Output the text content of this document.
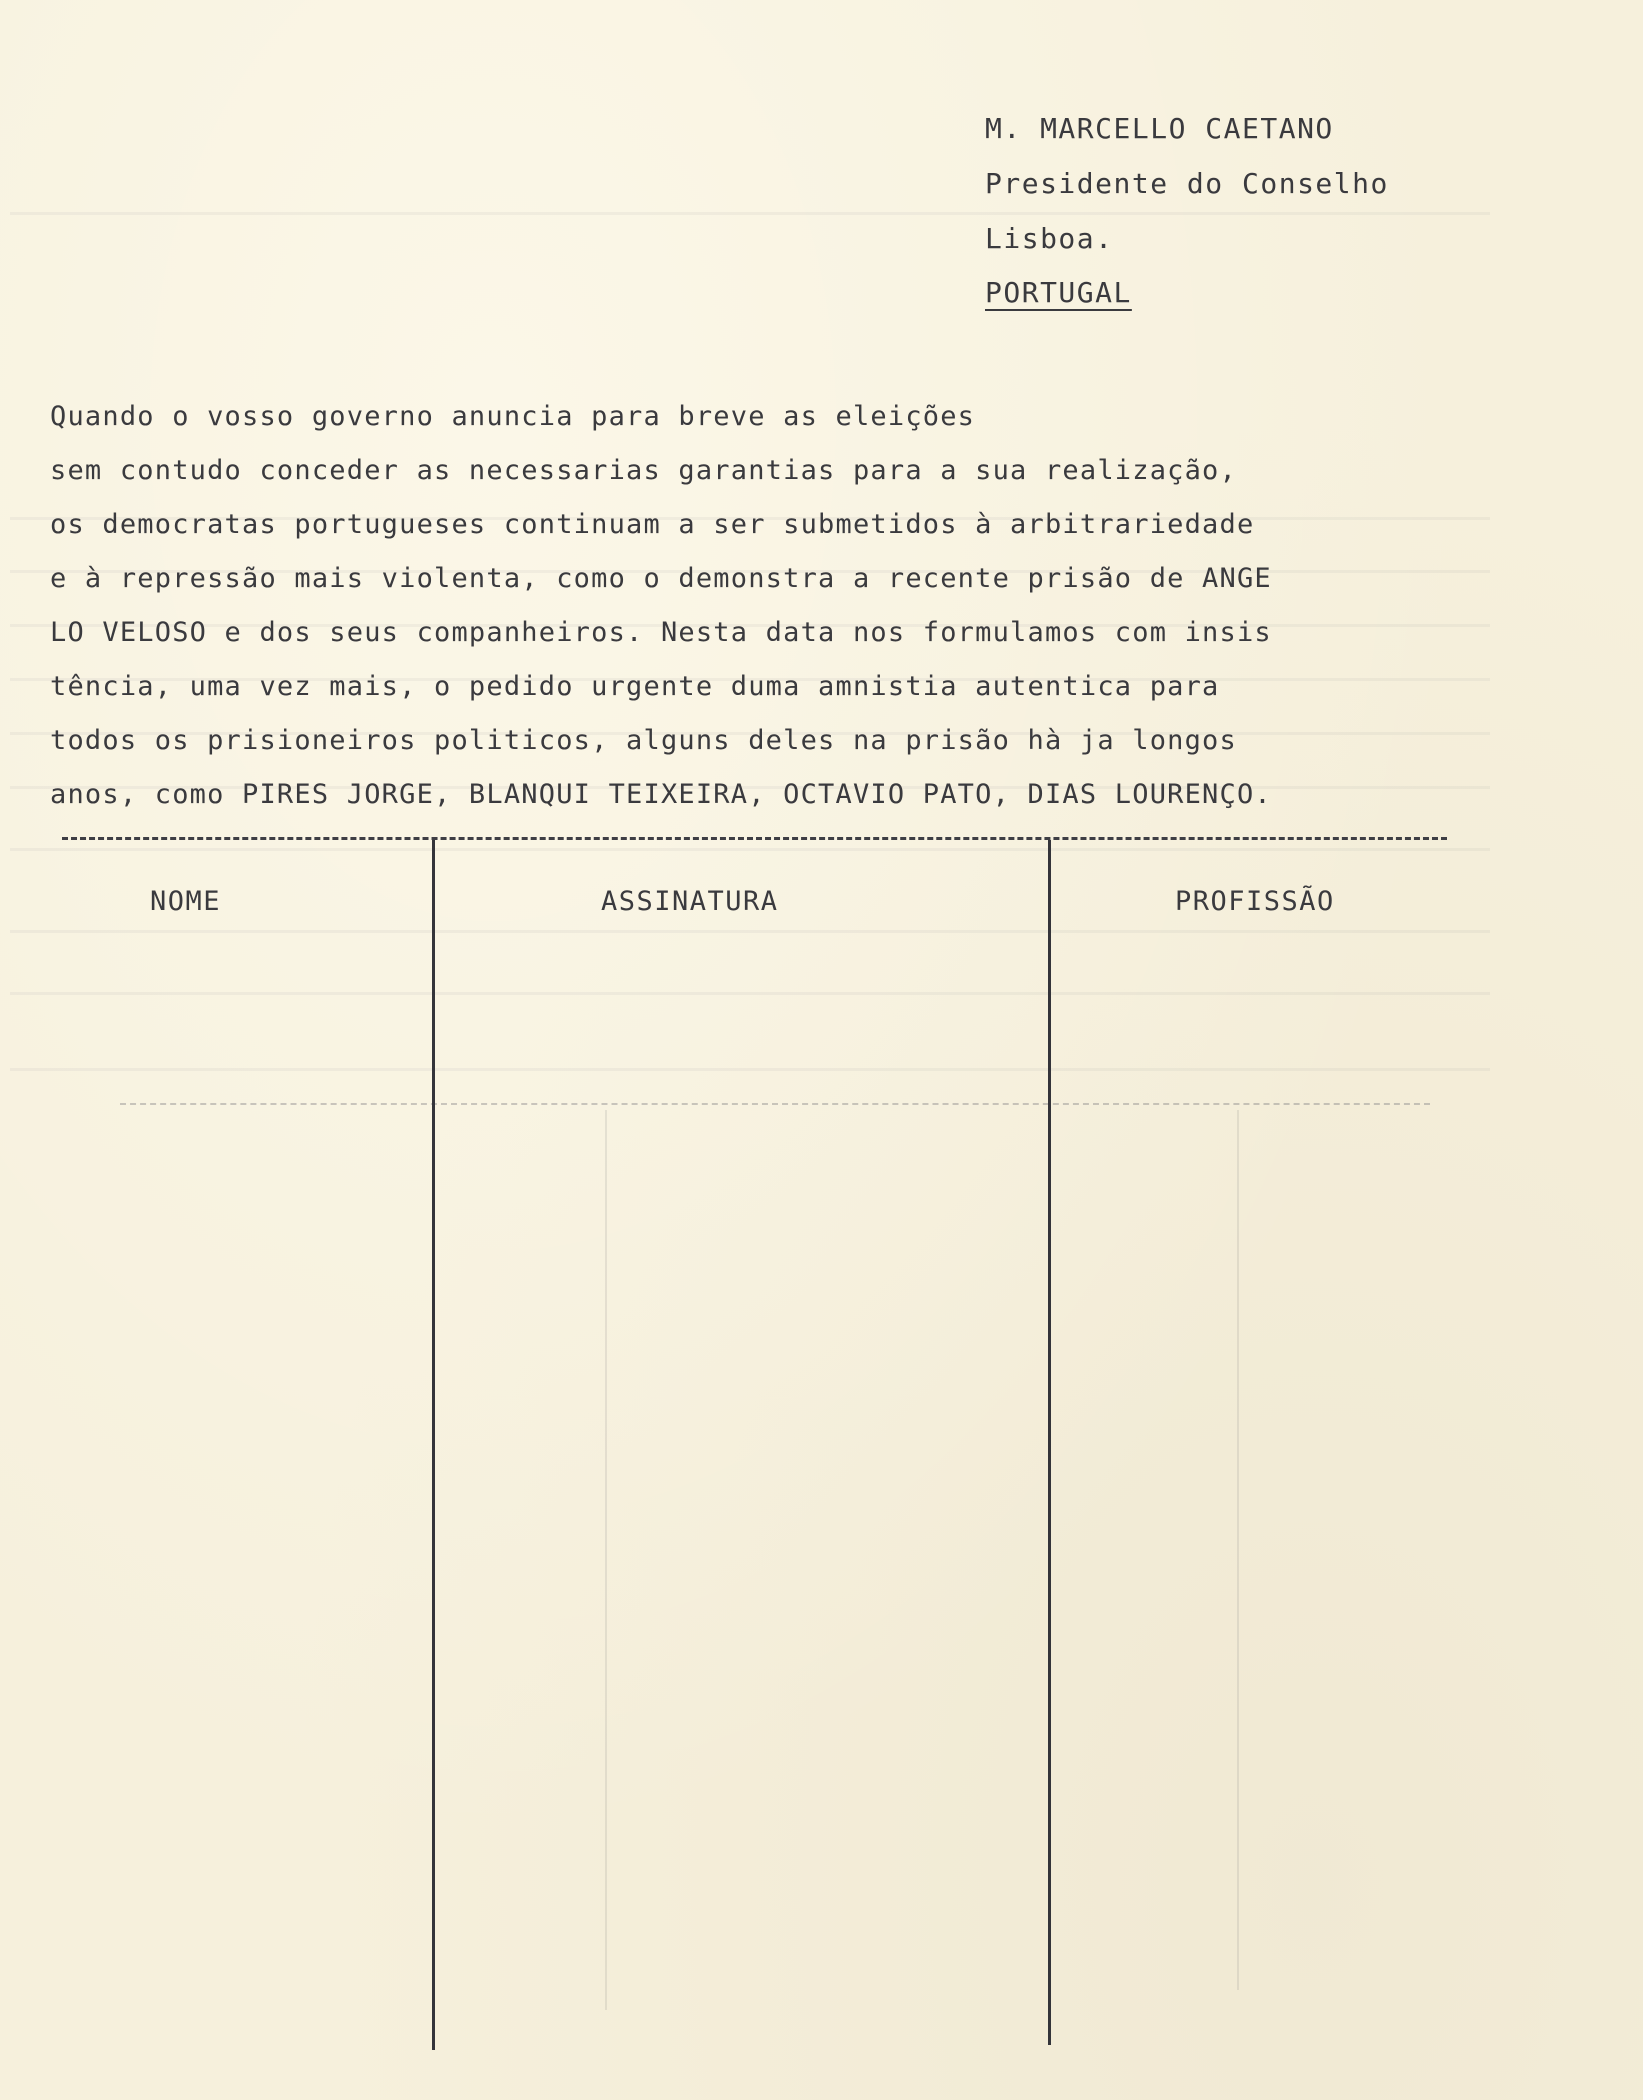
M. MARCELLO CAETANO
Presidente do Conselho
Lisboa.
PORTUGAL
Quando o vosso governo anuncia para breve as eleições
sem contudo conceder as necessarias garantias para a sua realização,
os democratas portugueses continuam a ser submetidos à arbitrariedade
e à repressão mais violenta, como o demonstra a recente prisão de ANGE
LO VELOSO e dos seus companheiros. Nesta data nos formulamos com insis
tência, uma vez mais, o pedido urgente duma amnistia autentica para
todos os prisioneiros politicos, alguns deles na prisão hà ja longos
anos, como PIRES JORGE, BLANQUI TEIXEIRA, OCTAVIO PATO, DIAS LOURENÇO.
NOME	ASSINATURA	PROFISSÃO
